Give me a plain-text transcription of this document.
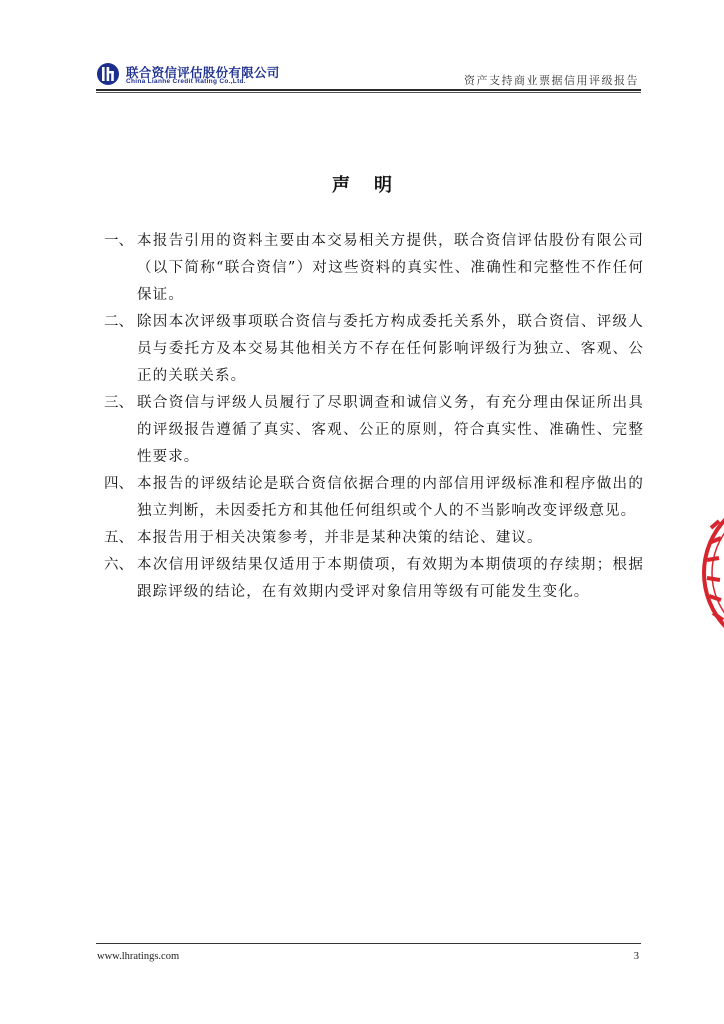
联合资信评估股份有限公司
China Lianhe Credit Rating Co.,Ltd.	资产支持商业票据信用评级报告
声明
一、 本报告引用的资料主要由本交易相关方提供，联合资信评估股份有限公司（以下简称“联合资信”）对这些资料的真实性、准确性和完整性不作任何保证。
二、 除因本次评级事项联合资信与委托方构成委托关系外，联合资信、评级人员与委托方及本交易其他相关方不存在任何影响评级行为独立、客观、公正的关联关系。
三、 联合资信与评级人员履行了尽职调查和诚信义务，有充分理由保证所出具的评级报告遵循了真实、客观、公正的原则，符合真实性、准确性、完整性要求。
四、 本报告的评级结论是联合资信依据合理的内部信用评级标准和程序做出的独立判断，未因委托方和其他任何组织或个人的不当影响改变评级意见。
五、 本报告用于相关决策参考，并非是某种决策的结论、建议。
六、 本次信用评级结果仅适用于本期债项，有效期为本期债项的存续期；根据跟踪评级的结论，在有效期内受评对象信用等级有可能发生变化。
www.lhratings.com	3
